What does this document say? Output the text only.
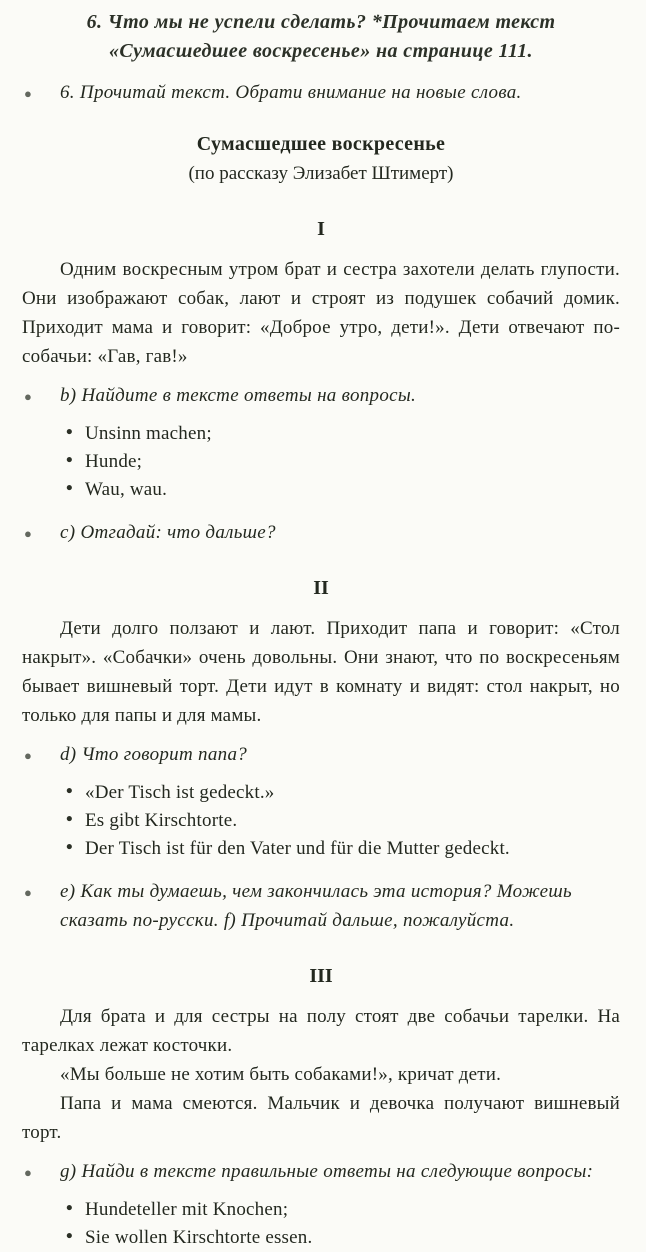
6. Что мы не успели сделать? *Прочитаем текст «Сумасшедшее воскресенье» на странице 111.
● 6. Прочитай текст. Обрати внимание на новые слова.
Сумасшедшее воскресенье
(по рассказу Элизабет Штимерт)
I

Одним воскресным утром брат и сестра захотели делать глупости. Они изображают собак, лают и строят из подушек собачий домик. Приходит мама и говорит: «Доброе утро, дети!». Дети отвечают по-собачьи: «Гав, гав!»

● b) Найдите в тексте ответы на вопросы.
• Unsinn machen;
• Hunde;
• Wau, wau.
● c) Отгадай: что дальше?
II

Дети долго ползают и лают. Приходит папа и говорит: «Стол накрыт». «Собачки» очень довольны. Они знают, что по воскресеньям бывает вишневый торт. Дети идут в комнату и видят: стол накрыт, но только для папы и для мамы.

● d) Что говорит папа?
• «Der Tisch ist gedeckt.»
• Es gibt Kirschtorte.
• Der Tisch ist für den Vater und für die Mutter gedeckt.
● e) Как ты думаешь, чем закончилась эта история? Можешь сказать по-русски. f) Прочитай дальше, пожалуйста.
III

Для брата и для сестры на полу стоят две собачьи тарелки. На тарелках лежат косточки.

«Мы больше не хотим быть собаками!», кричат дети.

Папа и мама смеются. Мальчик и девочка получают вишневый торт.

● g) Найди в тексте правильные ответы на следующие вопросы:
• Hundeteller mit Knochen;
• Sie wollen Kirschtorte essen.
